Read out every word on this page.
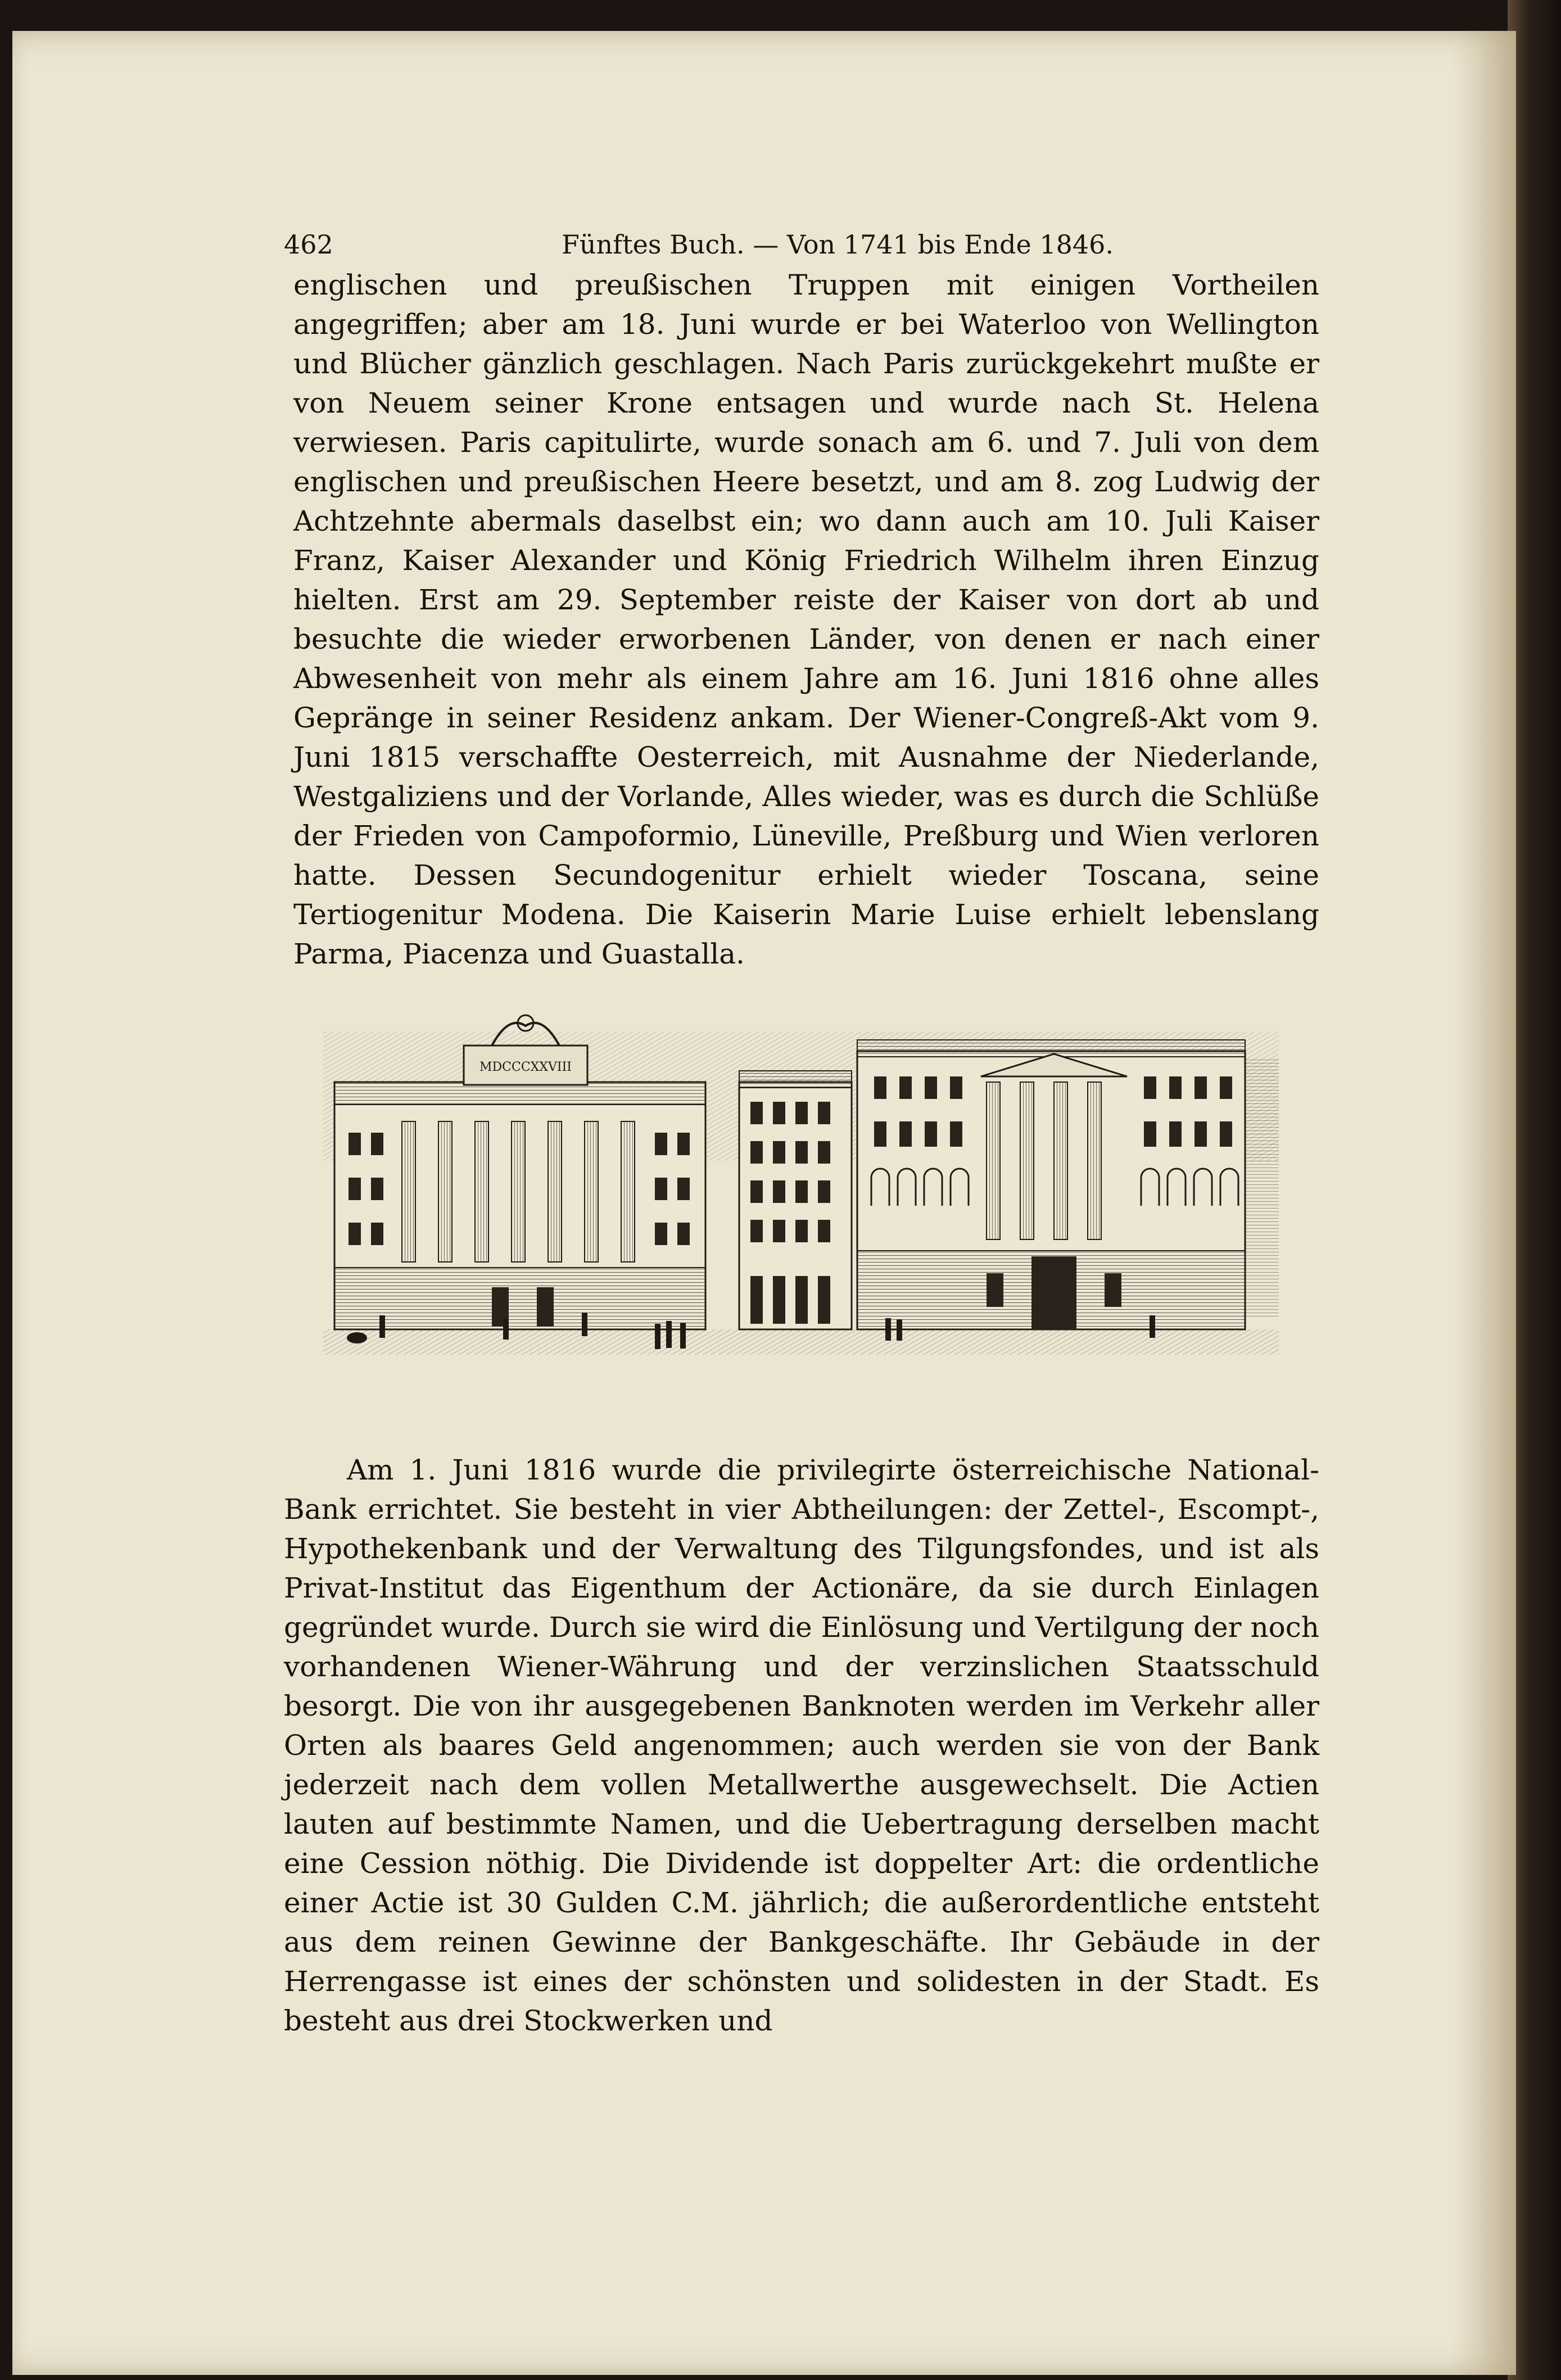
462	Fünftes Buch. — Von 1741 bis Ende 1846.

englischen und preußischen Truppen mit einigen Vortheilen angegriffen; aber am 18. Juni wurde er bei Waterloo von Wellington und Blücher gänzlich geschlagen. Nach Paris zurückgekehrt mußte er von Neuem seiner Krone entsagen und wurde nach St. Helena verwiesen. Paris capitulirte, wurde sonach am 6. und 7. Juli von dem englischen und preußischen Heere besetzt, und am 8. zog Ludwig der Achtzehnte abermals daselbst ein; wo dann auch am 10. Juli Kaiser Franz, Kaiser Alexander und König Friedrich Wilhelm ihren Einzug hielten. Erst am 29. September reiste der Kaiser von dort ab und besuchte die wieder erworbenen Länder, von denen er nach einer Abwesenheit von mehr als einem Jahre am 16. Juni 1816 ohne alles Gepränge in seiner Residenz ankam. Der Wiener-Congreß-Akt vom 9. Juni 1815 verschaffte Oesterreich, mit Ausnahme der Niederlande, Westgaliziens und der Vorlande, Alles wieder, was es durch die Schlüße der Frieden von Campoformio, Lüneville, Preßburg und Wien verloren hatte. Dessen Secundogenitur erhielt wieder Toscana, seine Tertiogenitur Modena. Die Kaiserin Marie Luise erhielt lebenslang Parma, Piacenza und Guastalla.

MDCCCXXVIII

Am 1. Juni 1816 wurde die privilegirte österreichische National-Bank errichtet. Sie besteht in vier Abtheilungen: der Zettel-, Escompt-, Hypothekenbank und der Verwaltung des Tilgungsfondes, und ist als Privat-Institut das Eigenthum der Actionäre, da sie durch Einlagen gegründet wurde. Durch sie wird die Einlösung und Vertilgung der noch vorhandenen Wiener-Währung und der verzinslichen Staatsschuld besorgt. Die von ihr ausgegebenen Banknoten werden im Verkehr aller Orten als baares Geld angenommen; auch werden sie von der Bank jederzeit nach dem vollen Metallwerthe ausgewechselt. Die Actien lauten auf bestimmte Namen, und die Uebertragung derselben macht eine Cession nöthig. Die Dividende ist doppelter Art: die ordentliche einer Actie ist 30 Gulden C.M. jährlich; die außerordentliche entsteht aus dem reinen Gewinne der Bankgeschäfte. Ihr Gebäude in der Herrengasse ist eines der schönsten und solidesten in der Stadt. Es besteht aus drei Stockwerken und
